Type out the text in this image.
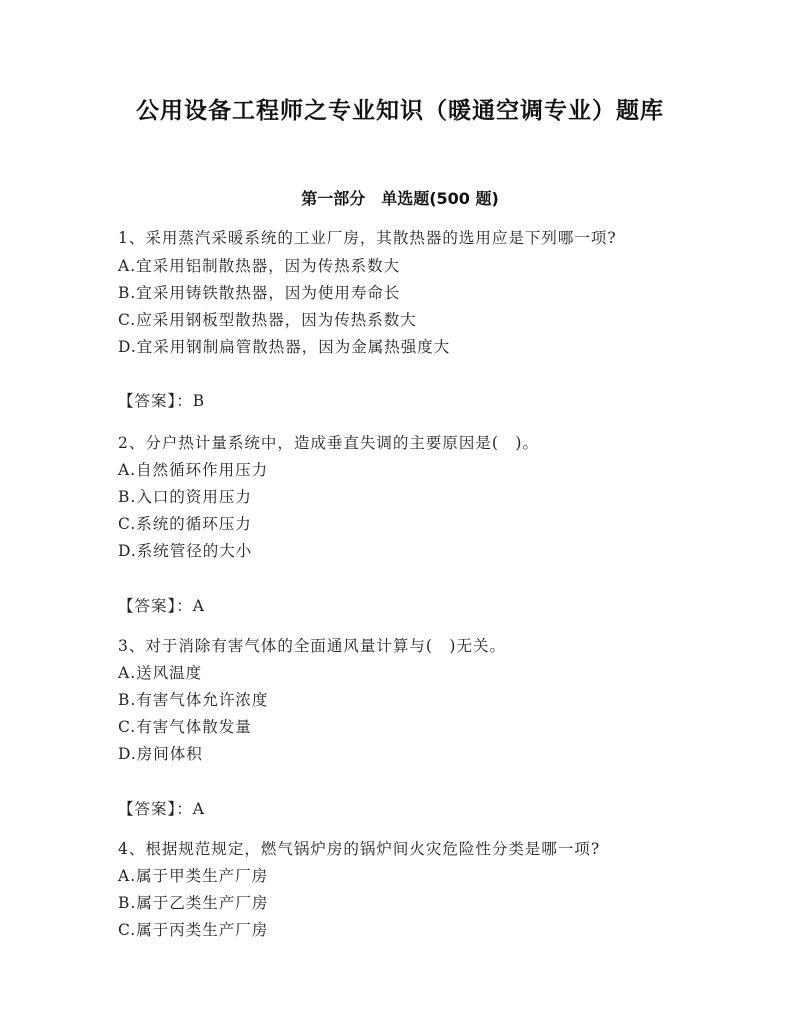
公用设备工程师之专业知识（暖通空调专业）题库
第一部分　单选题(500 题)
1、采用蒸汽采暖系统的工业厂房，其散热器的选用应是下列哪一项?
A.宜采用铝制散热器，因为传热系数大
B.宜采用铸铁散热器，因为使用寿命长
C.应采用钢板型散热器，因为传热系数大
D.宜采用钢制扁管散热器，因为金属热强度大
【答案】：B
2、分户热计量系统中，造成垂直失调的主要原因是(　)。
A.自然循环作用压力
B.入口的资用压力
C.系统的循环压力
D.系统管径的大小
【答案】：A
3、对于消除有害气体的全面通风量计算与(　)无关。
A.送风温度
B.有害气体允许浓度
C.有害气体散发量
D.房间体积
【答案】：A
4、根据规范规定，燃气锅炉房的锅炉间火灾危险性分类是哪一项?
A.属于甲类生产厂房
B.属于乙类生产厂房
C.属于丙类生产厂房
